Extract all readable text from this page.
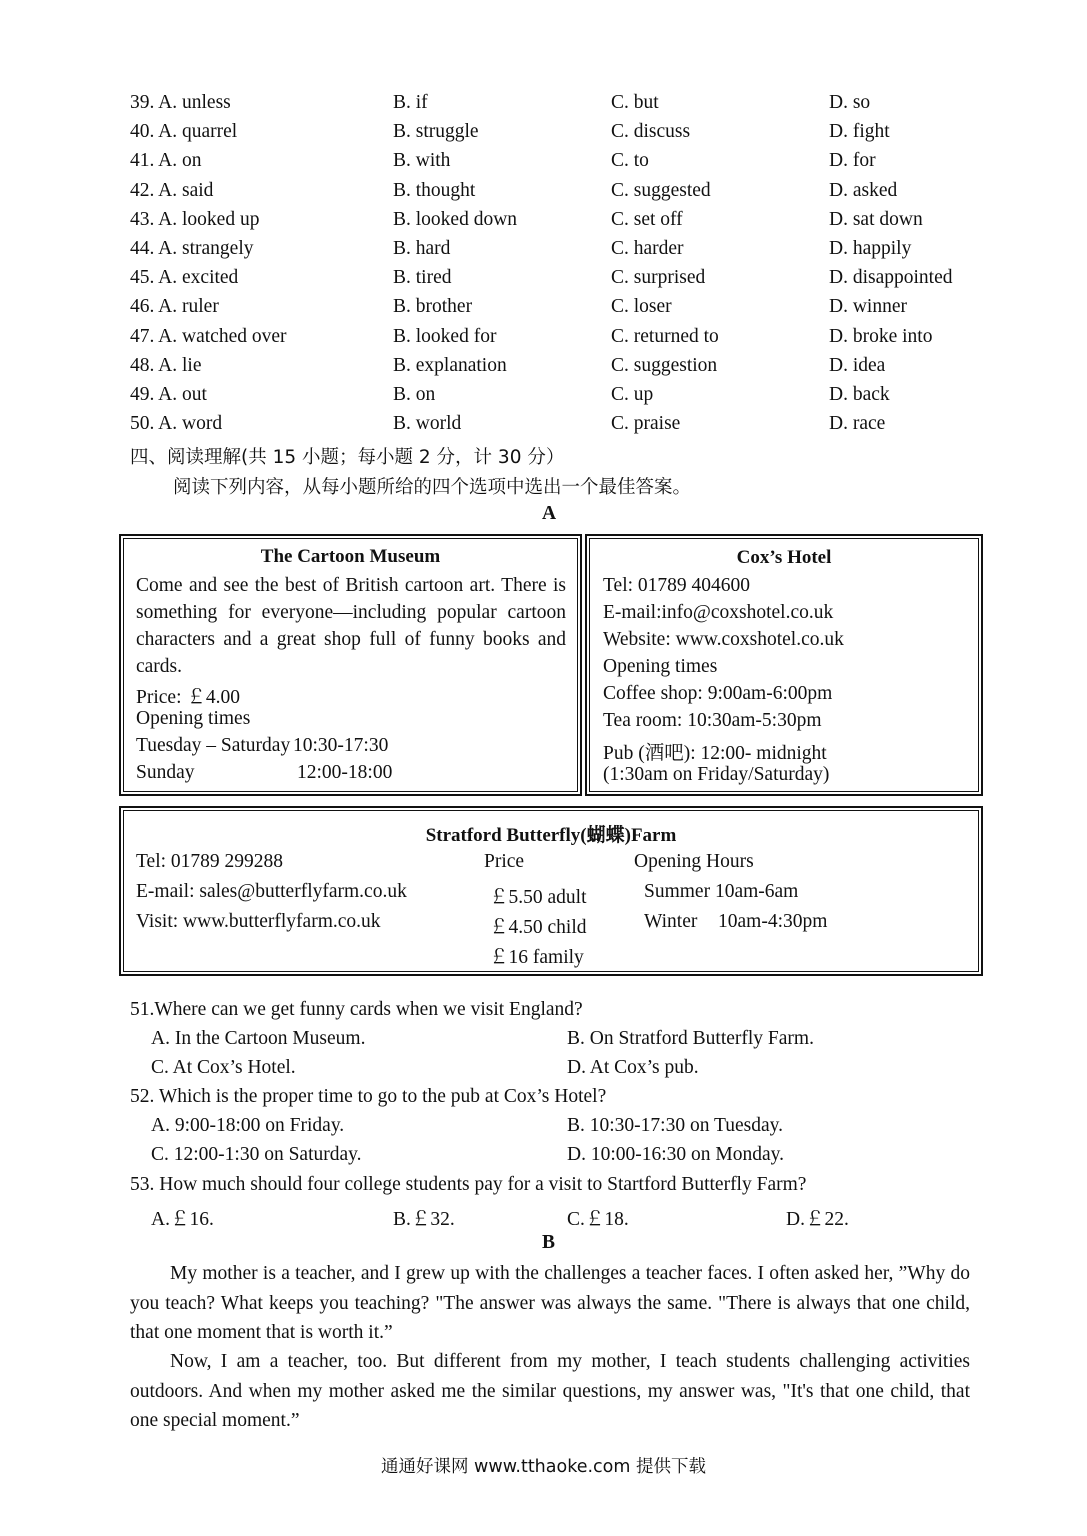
39. A. unless	B. if	C. but	D. so
40. A. quarrel	B. struggle	C. discuss	D. fight
41. A. on	B. with	C. to	D. for
42. A. said	B. thought	C. suggested	D. asked
43. A. looked up	B. looked down	C. set off	D. sat down
44. A. strangely	B. hard	C. harder	D. happily
45. A. excited	B. tired	C. surprised	D. disappointed
46. A. ruler	B. brother	C. loser	D. winner
47. A. watched over	B. looked for	C. returned to	D. broke into
48. A. lie	B. explanation	C. suggestion	D. idea
49. A. out	B. on	C. up	D. back
50. A. word	B. world	C. praise	D. race
四、阅读理解(共 15 小题；每小题 2 分，计 30 分）
阅读下列内容，从每小题所给的四个选项中选出一个最佳答案。
A
The Cartoon Museum
Come and see the best of British cartoon art. There is something for everyone—including popular cartoon characters and a great shop full of funny books and cards.
Price: ￡4.00
Opening times
Tuesday – Saturday 10:30-17:30
Sunday	12:00-18:00
Cox’s Hotel
Tel: 01789 404600
E-mail:info@coxshotel.co.uk
Website: www.coxshotel.co.uk
Opening times
Coffee shop: 9:00am-6:00pm
Tea room: 10:30am-5:30pm
Pub (酒吧): 12:00- midnight
(1:30am on Friday/Saturday)
Stratford Butterfly(蝴蝶)Farm
Tel: 01789 299288
E-mail: sales@butterflyfarm.co.uk
Visit: www.butterflyfarm.co.uk
Price
￡5.50 adult
￡4.50 child
￡16 family
Opening Hours
Summer 10am-6am
Winter 10am-4:30pm
51.Where can we get funny cards when we visit England?
A. In the Cartoon Museum.	B. On Stratford Butterfly Farm.
C. At Cox’s Hotel.	D. At Cox’s pub.
52. Which is the proper time to go to the pub at Cox’s Hotel?
A. 9:00-18:00 on Friday.	B. 10:30-17:30 on Tuesday.
C. 12:00-1:30 on Saturday.	D. 10:00-16:30 on Monday.
53. How much should four college students pay for a visit to Startford Butterfly Farm?
A.￡16.	B.￡32.	C.￡18.	D.￡22.
B
My mother is a teacher, and I grew up with the challenges a teacher faces. I often asked her, ”Why do you teach? What keeps you teaching? "The answer was always the same. "There is always that one child, that one moment that is worth it.”
Now, I am a teacher, too. But different from my mother, I teach students challenging activities outdoors. And when my mother asked me the similar questions, my answer was, "It's that one child, that one special moment.”
通通好课网 www.tthaoke.com 提供下载
